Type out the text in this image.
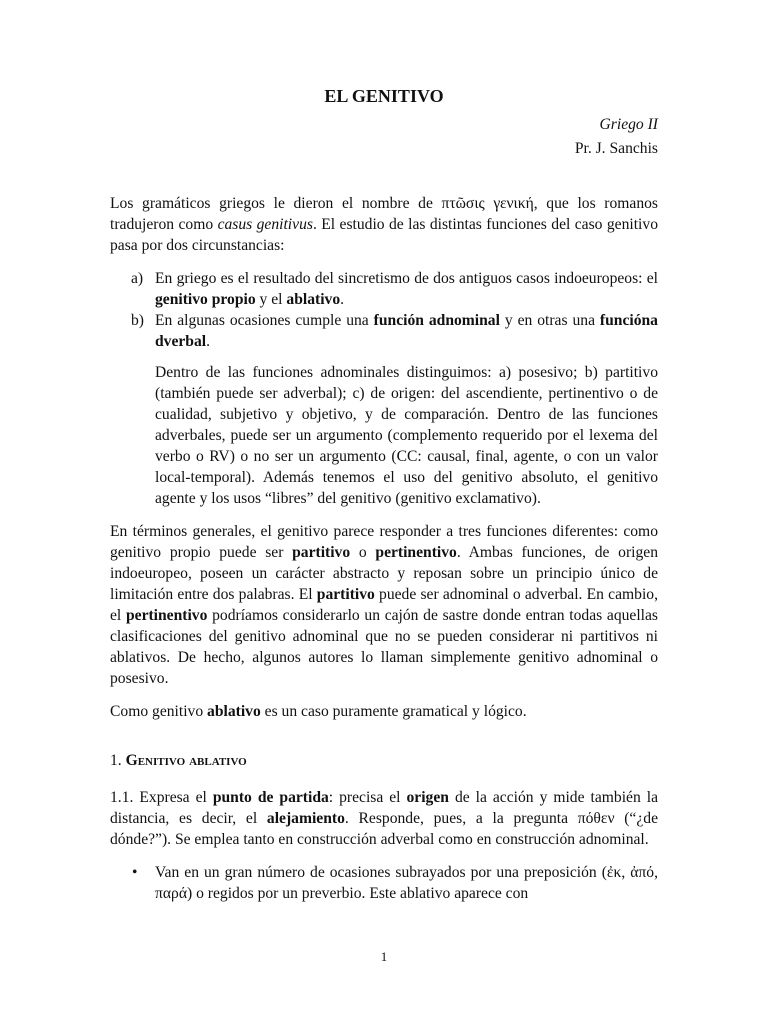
EL GENITIVO
Griego II
Pr. J. Sanchis

Los gramáticos griegos le dieron el nombre de πτῶσις γενική, que los romanos tradujeron como casus genitivus. El estudio de las distintas funciones del caso genitivo pasa por dos circunstancias:

a) En griego es el resultado del sincretismo de dos antiguos casos indoeuropeos: el genitivo propio y el ablativo.
b) En algunas ocasiones cumple una función adnominal y en otras una funcióna dverbal.

Dentro de las funciones adnominales distinguimos: a) posesivo; b) partitivo (también puede ser adverbal); c) de origen: del ascendiente, pertinentivo o de cualidad, subjetivo y objetivo, y de comparación. Dentro de las funciones adverbales, puede ser un argumento (complemento requerido por el lexema del verbo o RV) o no ser un argumento (CC: causal, final, agente, o con un valor local-temporal). Además tenemos el uso del genitivo absoluto, el genitivo agente y los usos “libres” del genitivo (genitivo exclamativo).

En términos generales, el genitivo parece responder a tres funciones diferentes: como genitivo propio puede ser partitivo o pertinentivo. Ambas funciones, de origen indoeuropeo, poseen un carácter abstracto y reposan sobre un principio único de limitación entre dos palabras. El partitivo puede ser adnominal o adverbal. En cambio, el pertinentivo podríamos considerarlo un cajón de sastre donde entran todas aquellas clasificaciones del genitivo adnominal que no se pueden considerar ni partitivos ni ablativos. De hecho, algunos autores lo llaman simplemente genitivo adnominal o posesivo.

Como genitivo ablativo es un caso puramente gramatical y lógico.

1. Genitivo ablativo

1.1. Expresa el punto de partida: precisa el origen de la acción y mide también la distancia, es decir, el alejamiento. Responde, pues, a la pregunta πόθεν (“¿de dónde?”). Se emplea tanto en construcción adverbal como en construcción adnominal.

• Van en un gran número de ocasiones subrayados por una preposición (ἐκ, ἀπό, παρά) o regidos por un preverbio. Este ablativo aparece con
1
